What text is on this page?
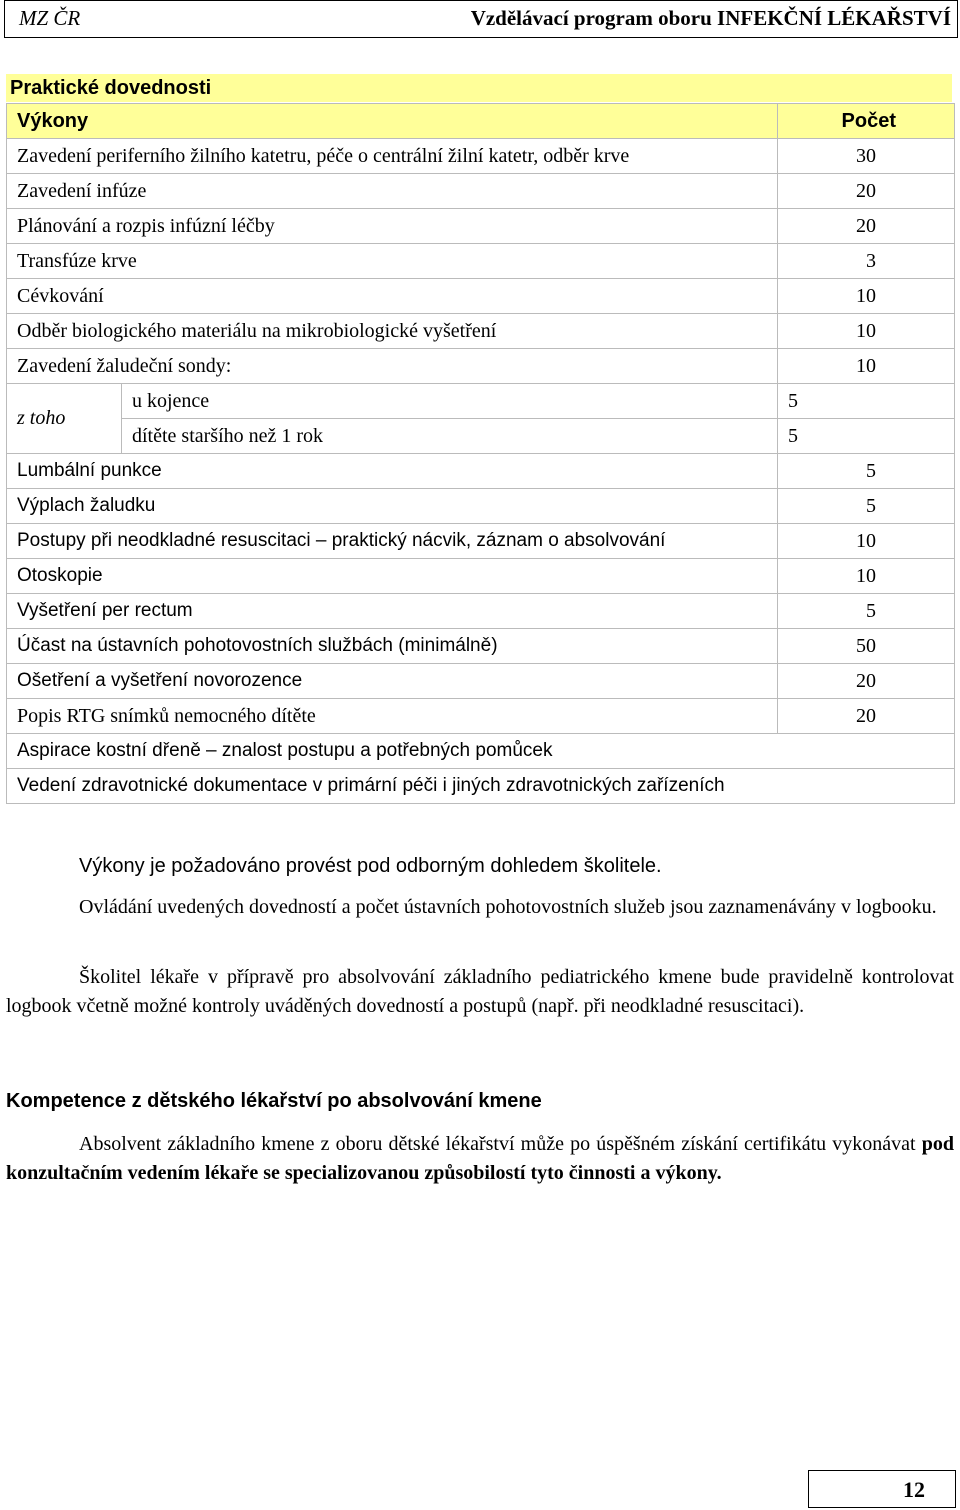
MZ ČR	Vzdělávací program oboru INFEKČNÍ LÉKAŘSTVÍ
Praktické dovednosti
Výkony		Počet
Zavedení periferního žilního katetru, péče o centrální žilní katetr, odběr krve		30
Zavedení infúze		20
Plánování a rozpis infúzní léčby		20
Transfúze krve		3
Cévkování		10
Odběr biologického materiálu na mikrobiologické vyšetření		10
Zavedení žaludeční sondy:		10
z toho	u kojence	5
	dítěte staršího než 1 rok	5
Lumbální punkce		5
Výplach žaludku		5
Postupy při neodkladné resuscitaci – praktický nácvik, záznam o absolvování		10
Otoskopie		10
Vyšetření per rectum		5
Účast na ústavních pohotovostních službách (minimálně)		50
Ošetření a vyšetření novorozence		20
Popis RTG snímků nemocného dítěte		20
Aspirace kostní dřeně – znalost postupu a potřebných pomůcek		
Vedení zdravotnické dokumentace v primární péči i jiných zdravotnických zařízeních		
Výkony je požadováno provést pod odborným dohledem školitele.
Ovládání uvedených dovedností a počet ústavních pohotovostních služeb jsou zaznamenávány v logbooku.
Školitel lékaře v přípravě pro absolvování základního pediatrického kmene bude pravidelně kontrolovat logbook včetně možné kontroly uváděných dovedností a postupů (např. při neodkladné resuscitaci).
Kompetence z dětského lékařství po absolvování kmene
Absolvent základního kmene z oboru dětské lékařství může po úspěšném získání certifikátu vykonávat pod konzultačním vedením lékaře se specializovanou způsobilostí tyto činnosti a výkony.
12
